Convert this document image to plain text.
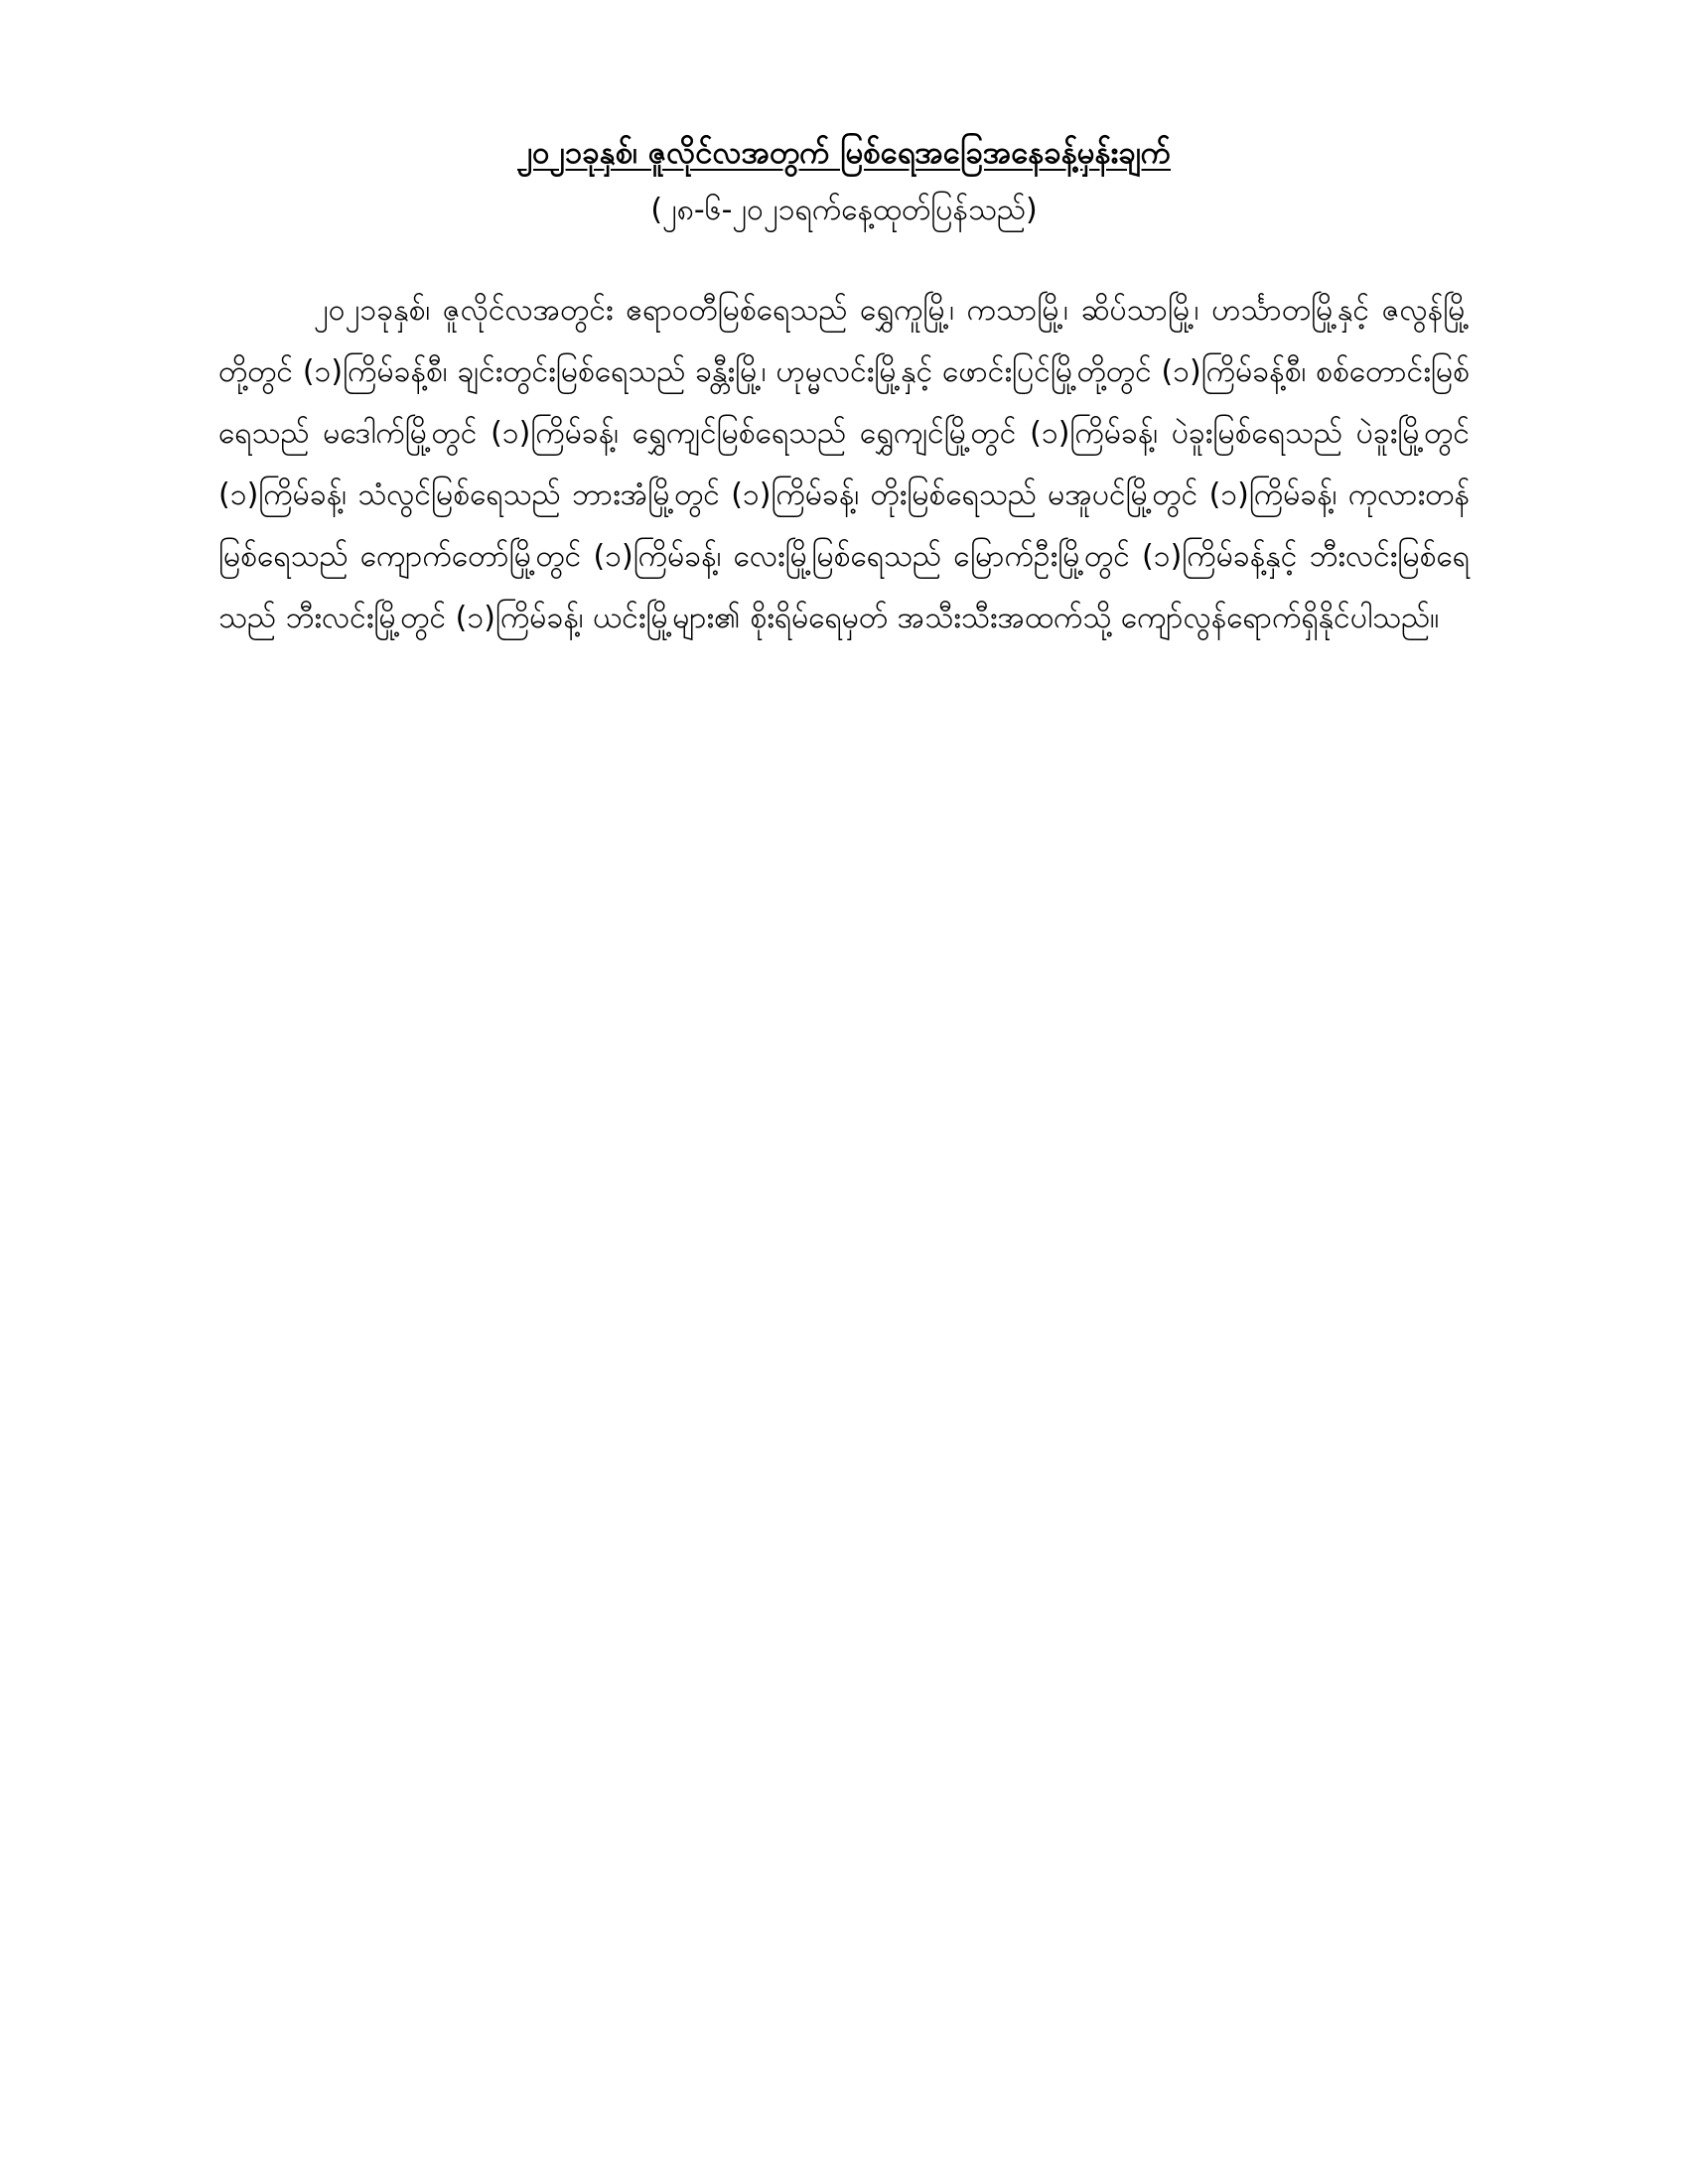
၂၀၂၁ခုနှစ်၊ ဇူလိုင်လအတွက် မြစ်ရေအခြေအနေခန့်မှန်းချက်

(၂၈-၆-၂၀၂၁ရက်နေ့ထုတ်ပြန်သည်)

၂၀၂၁ခုနှစ်၊ ဇူလိုင်လအတွင်း ဧရာဝတီမြစ်ရေသည် ရွှေကူမြို့၊ ကသာမြို့၊ ဆိပ်သာမြို့၊ ဟင်္သာတမြို့နှင့် ဇလွန်မြို့တို့တွင် (၁)ကြိမ်ခန့်စီ၊ ချင်းတွင်းမြစ်ရေသည် ခန္တီးမြို့၊ ဟုမ္မလင်းမြို့နှင့် ဖောင်းပြင်မြို့တို့တွင် (၁)ကြိမ်ခန့်စီ၊ စစ်တောင်းမြစ်ရေသည် မဒေါက်မြို့တွင် (၁)ကြိမ်ခန့်၊ ရွှေကျင်မြစ်ရေသည် ရွှေကျင်မြို့တွင် (၁)ကြိမ်ခန့်၊ ပဲခူးမြစ်ရေသည် ပဲခူးမြို့တွင် (၁)ကြိမ်ခန့်၊ သံလွင်မြစ်ရေသည် ဘားအံမြို့တွင် (၁)ကြိမ်ခန့်၊ တိုးမြစ်ရေသည် မအူပင်မြို့တွင် (၁)ကြိမ်ခန့်၊ ကုလားတန်မြစ်ရေသည် ကျောက်တော်မြို့တွင် (၁)ကြိမ်ခန့်၊ လေးမြို့မြစ်ရေသည် မြောက်ဦးမြို့တွင် (၁)ကြိမ်ခန့်နှင့် ဘီးလင်းမြစ်ရေသည် ဘီးလင်းမြို့တွင် (၁)ကြိမ်ခန့်၊ ယင်းမြို့များ၏ စိုးရိမ်ရေမှတ် အသီးသီးအထက်သို့ ကျော်လွန်ရောက်ရှိနိုင်ပါသည်။
